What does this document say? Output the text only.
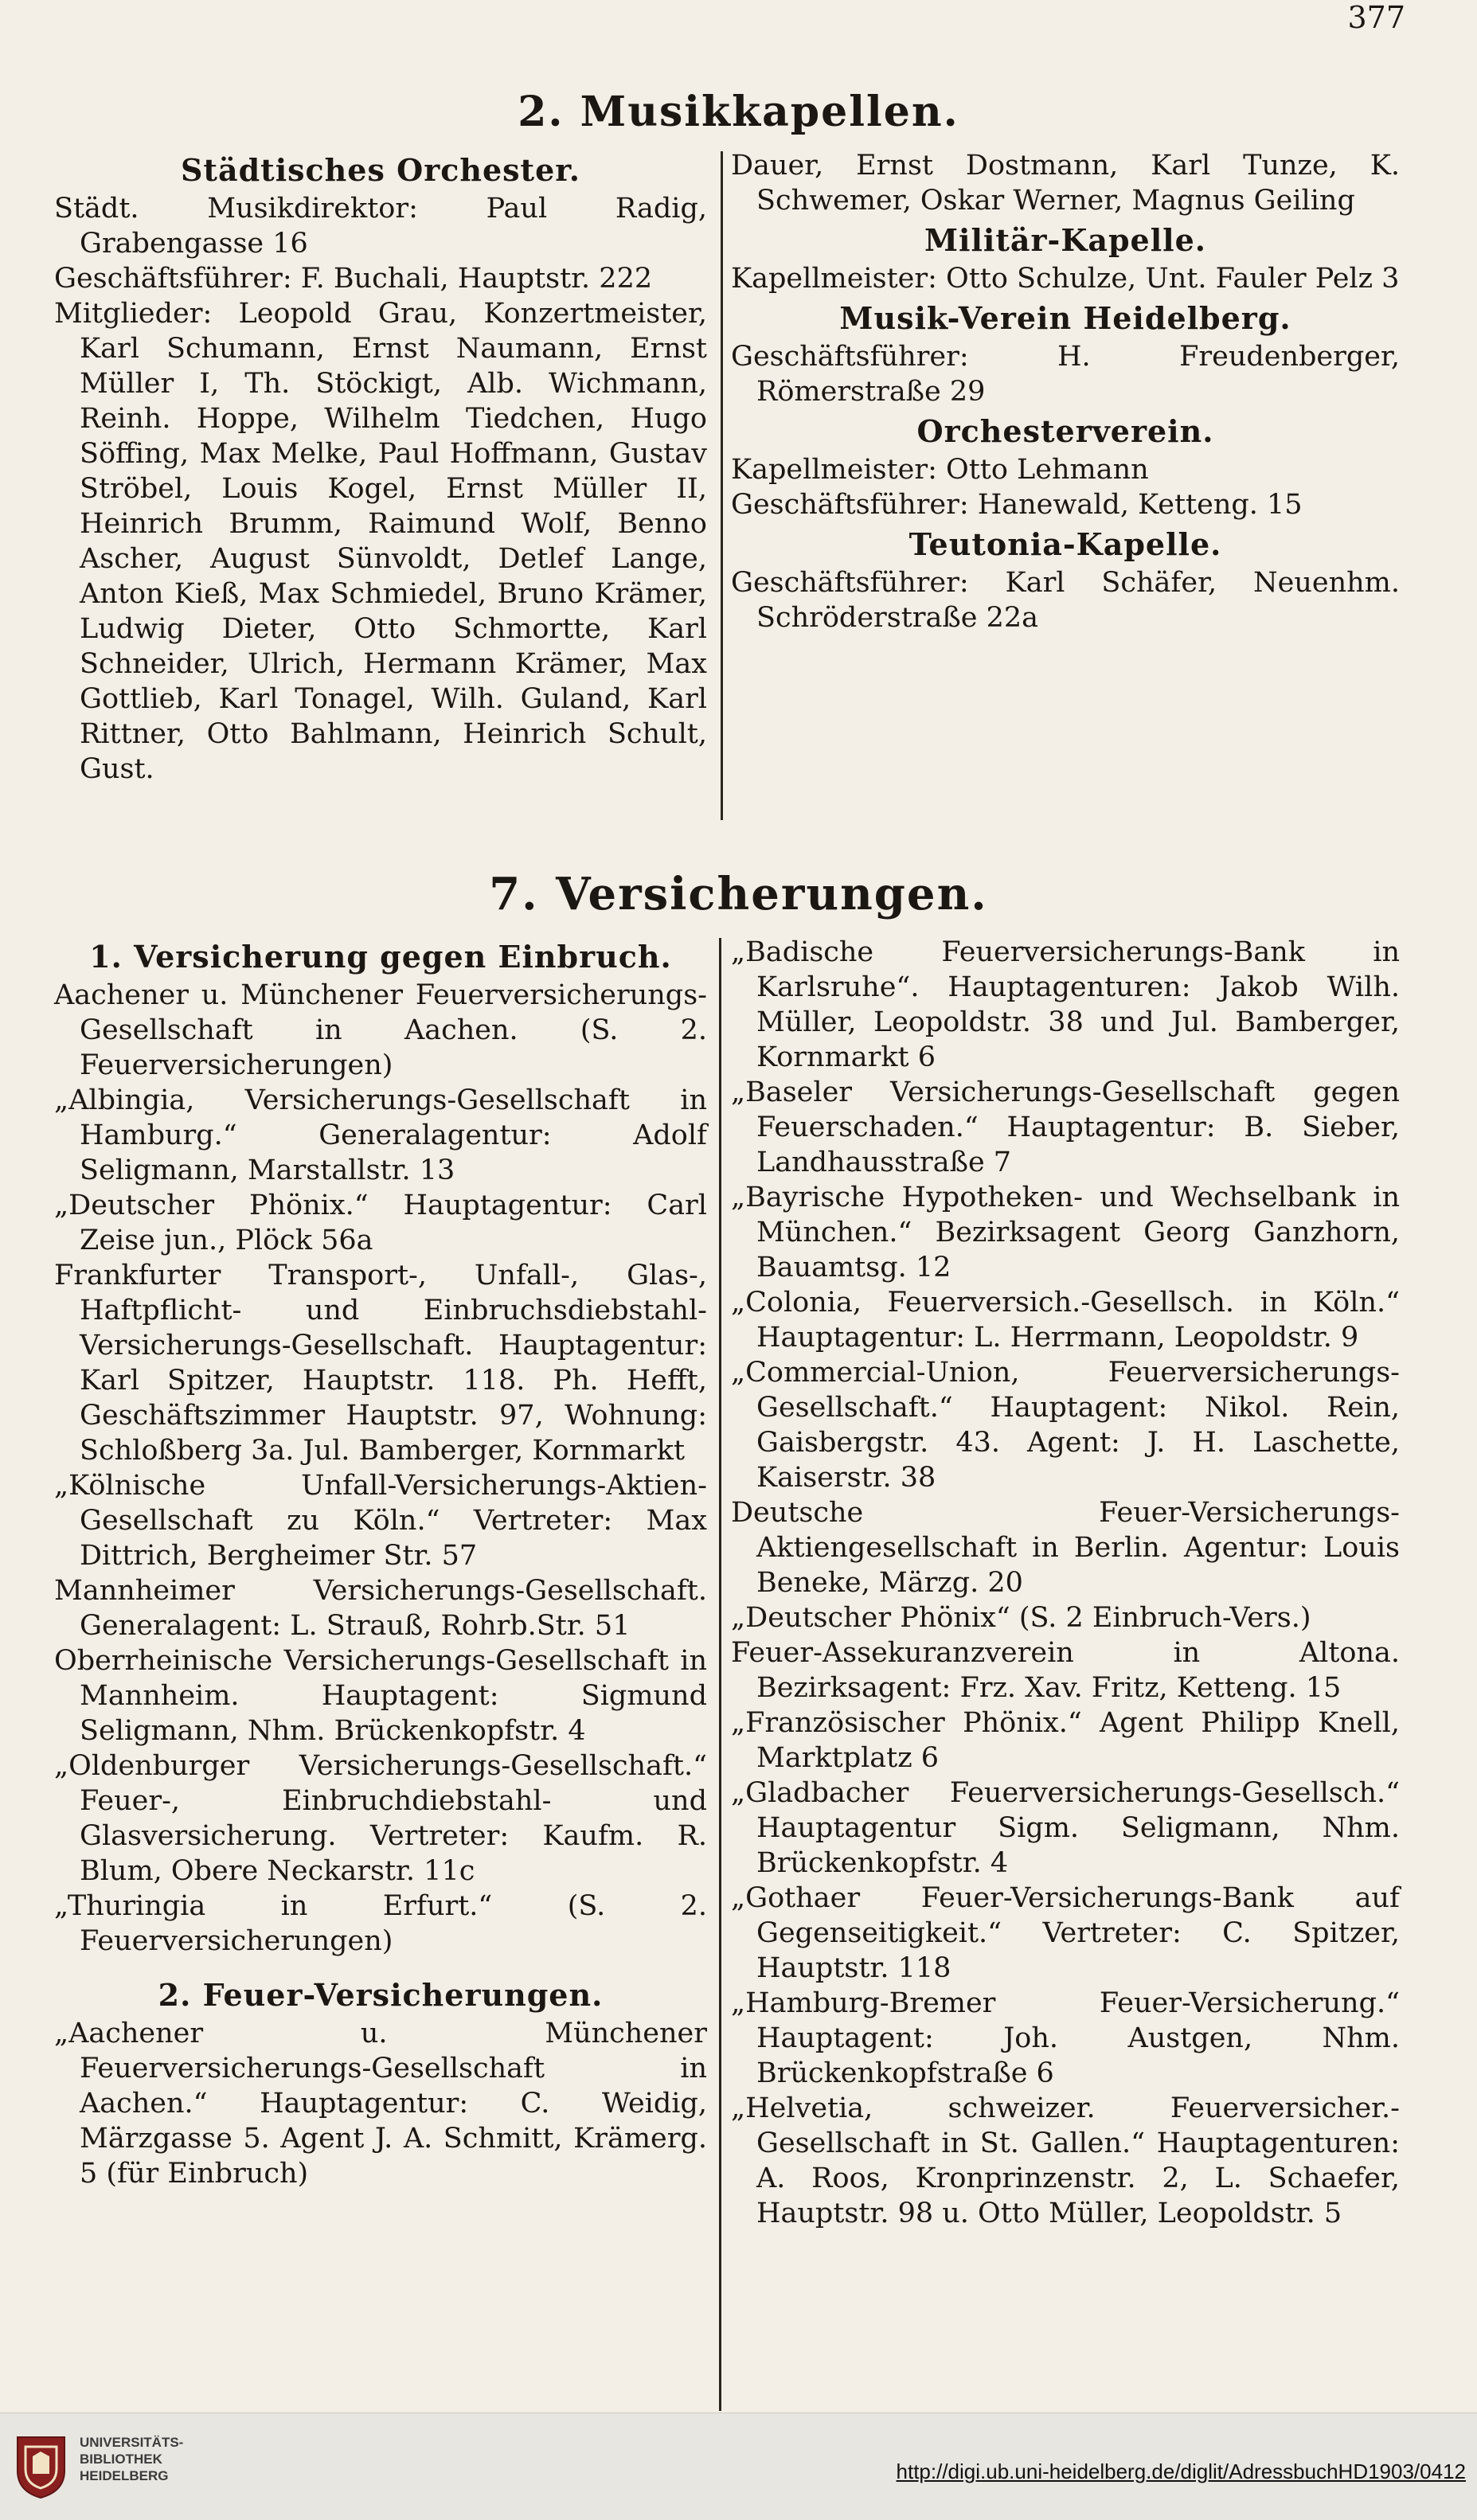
377
2. Musikkapellen.
Städtisches Orchester.
Städt. Musikdirektor: Paul Radig, Grabengasse 16
Geschäftsführer: F. Buchali, Hauptstr. 222
Mitglieder: Leopold Grau, Konzertmeister, Karl Schumann, Ernst Naumann, Ernst Müller I, Th. Stöckigt, Alb. Wichmann, Reinh. Hoppe, Wilhelm Tiedchen, Hugo Söffing, Max Melke, Paul Hoffmann, Gustav Ströbel, Louis Kogel, Ernst Müller II, Heinrich Brumm, Raimund Wolf, Benno Ascher, August Sünvoldt, Detlef Lange, Anton Kieß, Max Schmiedel, Bruno Krämer, Ludwig Dieter, Otto Schmortte, Karl Schneider, Ulrich, Hermann Krämer, Max Gottlieb, Karl Tonagel, Wilh. Guland, Karl Rittner, Otto Bahlmann, Heinrich Schult, Gust.
Dauer, Ernst Dostmann, Karl Tunze, K. Schwemer, Oskar Werner, Magnus Geiling
Militär-Kapelle.
Kapellmeister: Otto Schulze, Unt. Fauler Pelz 3
Musik-Verein Heidelberg.
Geschäftsführer: H. Freudenberger, Römerstraße 29
Orchesterverein.
Kapellmeister: Otto Lehmann
Geschäftsführer: Hanewald, Ketteng. 15
Teutonia-Kapelle.
Geschäftsführer: Karl Schäfer, Neuenhm. Schröderstraße 22a
7. Versicherungen.
1. Versicherung gegen Einbruch.
Aachener u. Münchener Feuerversicherungs-Gesellschaft in Aachen. (S. 2. Feuerversicherungen)
„Albingia, Versicherungs-Gesellschaft in Hamburg.“ Generalagentur: Adolf Seligmann, Marstallstr. 13
„Deutscher Phönix.“ Hauptagentur: Carl Zeise jun., Plöck 56a
Frankfurter Transport-, Unfall-, Glas-, Haftpflicht- und Einbruchsdiebstahl-Versicherungs-Gesellschaft. Hauptagentur: Karl Spitzer, Hauptstr. 118. Ph. Hefft, Geschäftszimmer Hauptstr. 97, Wohnung: Schloßberg 3a. Jul. Bamberger, Kornmarkt
„Kölnische Unfall-Versicherungs-Aktien-Gesellschaft zu Köln.“ Vertreter: Max Dittrich, Bergheimer Str. 57
Mannheimer Versicherungs-Gesellschaft. Generalagent: L. Strauß, Rohrb.Str. 51
Oberrheinische Versicherungs-Gesellschaft in Mannheim. Hauptagent: Sigmund Seligmann, Nhm. Brückenkopfstr. 4
„Oldenburger Versicherungs-Gesellschaft.“ Feuer-, Einbruchdiebstahl- und Glasversicherung. Vertreter: Kaufm. R. Blum, Obere Neckarstr. 11c
„Thuringia in Erfurt.“ (S. 2. Feuerversicherungen)
2. Feuer-Versicherungen.
„Aachener u. Münchener Feuerversicherungs-Gesellschaft in Aachen.“ Hauptagentur: C. Weidig, Märzgasse 5. Agent J. A. Schmitt, Krämerg. 5 (für Einbruch)
„Badische Feuerversicherungs-Bank in Karlsruhe“. Hauptagenturen: Jakob Wilh. Müller, Leopoldstr. 38 und Jul. Bamberger, Kornmarkt 6
„Baseler Versicherungs-Gesellschaft gegen Feuerschaden.“ Hauptagentur: B. Sieber, Landhausstraße 7
„Bayrische Hypotheken- und Wechselbank in München.“ Bezirksagent Georg Ganzhorn, Bauamtsg. 12
„Colonia, Feuerversich.-Gesellsch. in Köln.“ Hauptagentur: L. Herrmann, Leopoldstr. 9
„Commercial-Union, Feuerversicherungs-Gesellschaft.“ Hauptagent: Nikol. Rein, Gaisbergstr. 43. Agent: J. H. Laschette, Kaiserstr. 38
Deutsche Feuer-Versicherungs-Aktiengesellschaft in Berlin. Agentur: Louis Beneke, Märzg. 20
„Deutscher Phönix“ (S. 2 Einbruch-Vers.)
Feuer-Assekuranzverein in Altona. Bezirksagent: Frz. Xav. Fritz, Ketteng. 15
„Französischer Phönix.“ Agent Philipp Knell, Marktplatz 6
„Gladbacher Feuerversicherungs-Gesellsch.“ Hauptagentur Sigm. Seligmann, Nhm. Brückenkopfstr. 4
„Gothaer Feuer-Versicherungs-Bank auf Gegenseitigkeit.“ Vertreter: C. Spitzer, Hauptstr. 118
„Hamburg-Bremer Feuer-Versicherung.“ Hauptagent: Joh. Austgen, Nhm. Brückenkopfstraße 6
„Helvetia, schweizer. Feuerversicher.-Gesellschaft in St. Gallen.“ Hauptagenturen: A. Roos, Kronprinzenstr. 2, L. Schaefer, Hauptstr. 98 u. Otto Müller, Leopoldstr. 5
UNIVERSITÄTS-
BIBLIOTHEK
HEIDELBERG	http://digi.ub.uni-heidelberg.de/diglit/AdressbuchHD1903/0412
